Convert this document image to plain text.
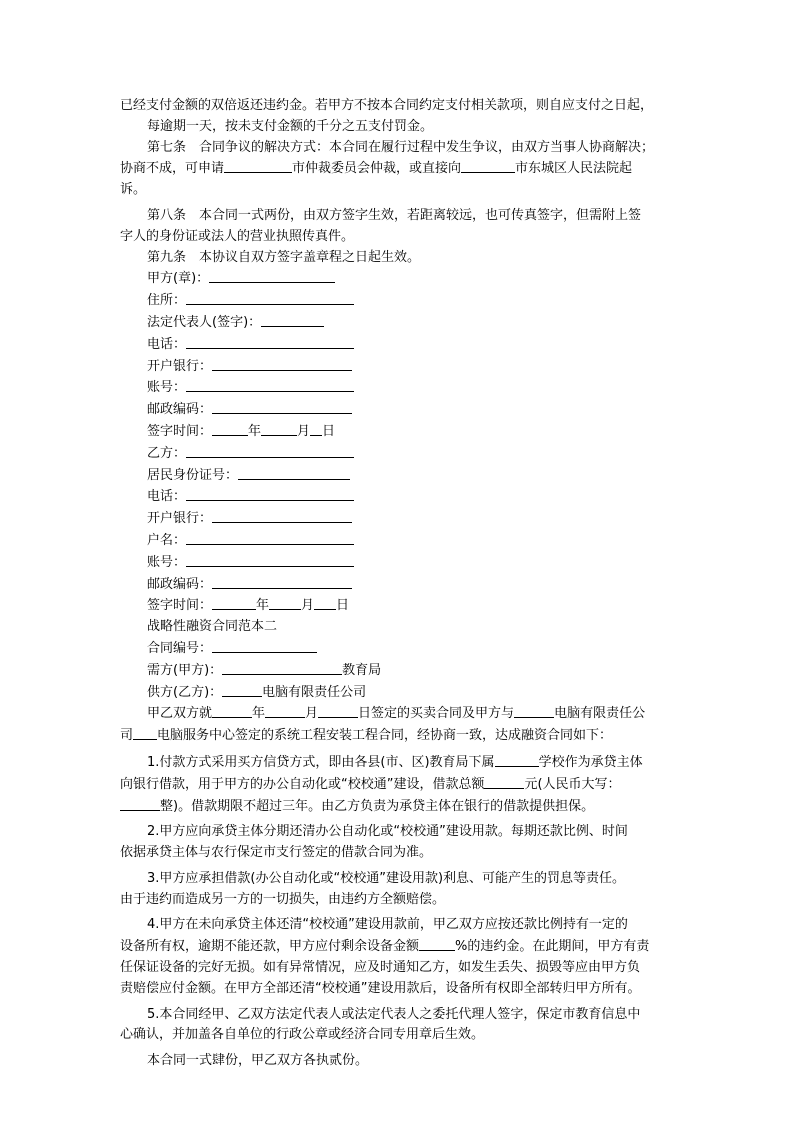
已经支付金额的双倍返还违约金。若甲方不按本合同约定支付相关款项，则自应支付之日起，

每逾期一天，按未支付金额的千分之五支付罚金。

第七条　合同争议的解决方式：本合同在履行过程中发生争议，由双方当事人协商解决；

协商不成，可申请	市仲裁委员会仲裁，或直接向	市东城区人民法院起

诉。

第八条　本合同一式两份，由双方签字生效，若距离较远，也可传真签字，但需附上签

字人的身份证或法人的营业执照传真件。

第九条　本协议自双方签字盖章程之日起生效。

甲方(章)：

住所：

法定代表人(签字)：

电话：

开户银行：

账号：

邮政编码：

签字时间：	年	月 日

乙方：

居民身份证号：

电话：

开户银行：

户名：

账号：

邮政编码：

签字时间：	年 月 日

战略性融资合同范本二

合同编号：

需方(甲方)：	教育局

供方(乙方)：	电脑有限责任公司

甲乙双方就	年	月	日签定的买卖合同及甲方与	电脑有限责任公

司 电脑服务中心签定的系统工程安装工程合同，经协商一致，达成融资合同如下：

1.付款方式采用买方信贷方式，即由各县(市、区)教育局下属	学校作为承贷主体

向银行借款，用于甲方的办公自动化或“校校通”建设，借款总额	元(人民币大写：

整)。借款期限不超过三年。由乙方负责为承贷主体在银行的借款提供担保。

2.甲方应向承贷主体分期还清办公自动化或“校校通”建设用款。每期还款比例、时间

依据承贷主体与农行保定市支行签定的借款合同为准。

3.甲方应承担借款(办公自动化或“校校通”建设用款)利息、可能产生的罚息等责任。

由于违约而造成另一方的一切损失，由违约方全额赔偿。

4.甲方在未向承贷主体还清“校校通”建设用款前，甲乙双方应按还款比例持有一定的

设备所有权，逾期不能还款，甲方应付剩余设备金额	%的违约金。在此期间，甲方有责

任保证设备的完好无损。如有异常情况，应及时通知乙方，如发生丢失、损毁等应由甲方负

责赔偿应付金额。在甲方全部还清“校校通”建设用款后，设备所有权即全部转归甲方所有。

5.本合同经甲、乙双方法定代表人或法定代表人之委托代理人签字，保定市教育信息中

心确认，并加盖各自单位的行政公章或经济合同专用章后生效。

本合同一式肆份，甲乙双方各执贰份。
